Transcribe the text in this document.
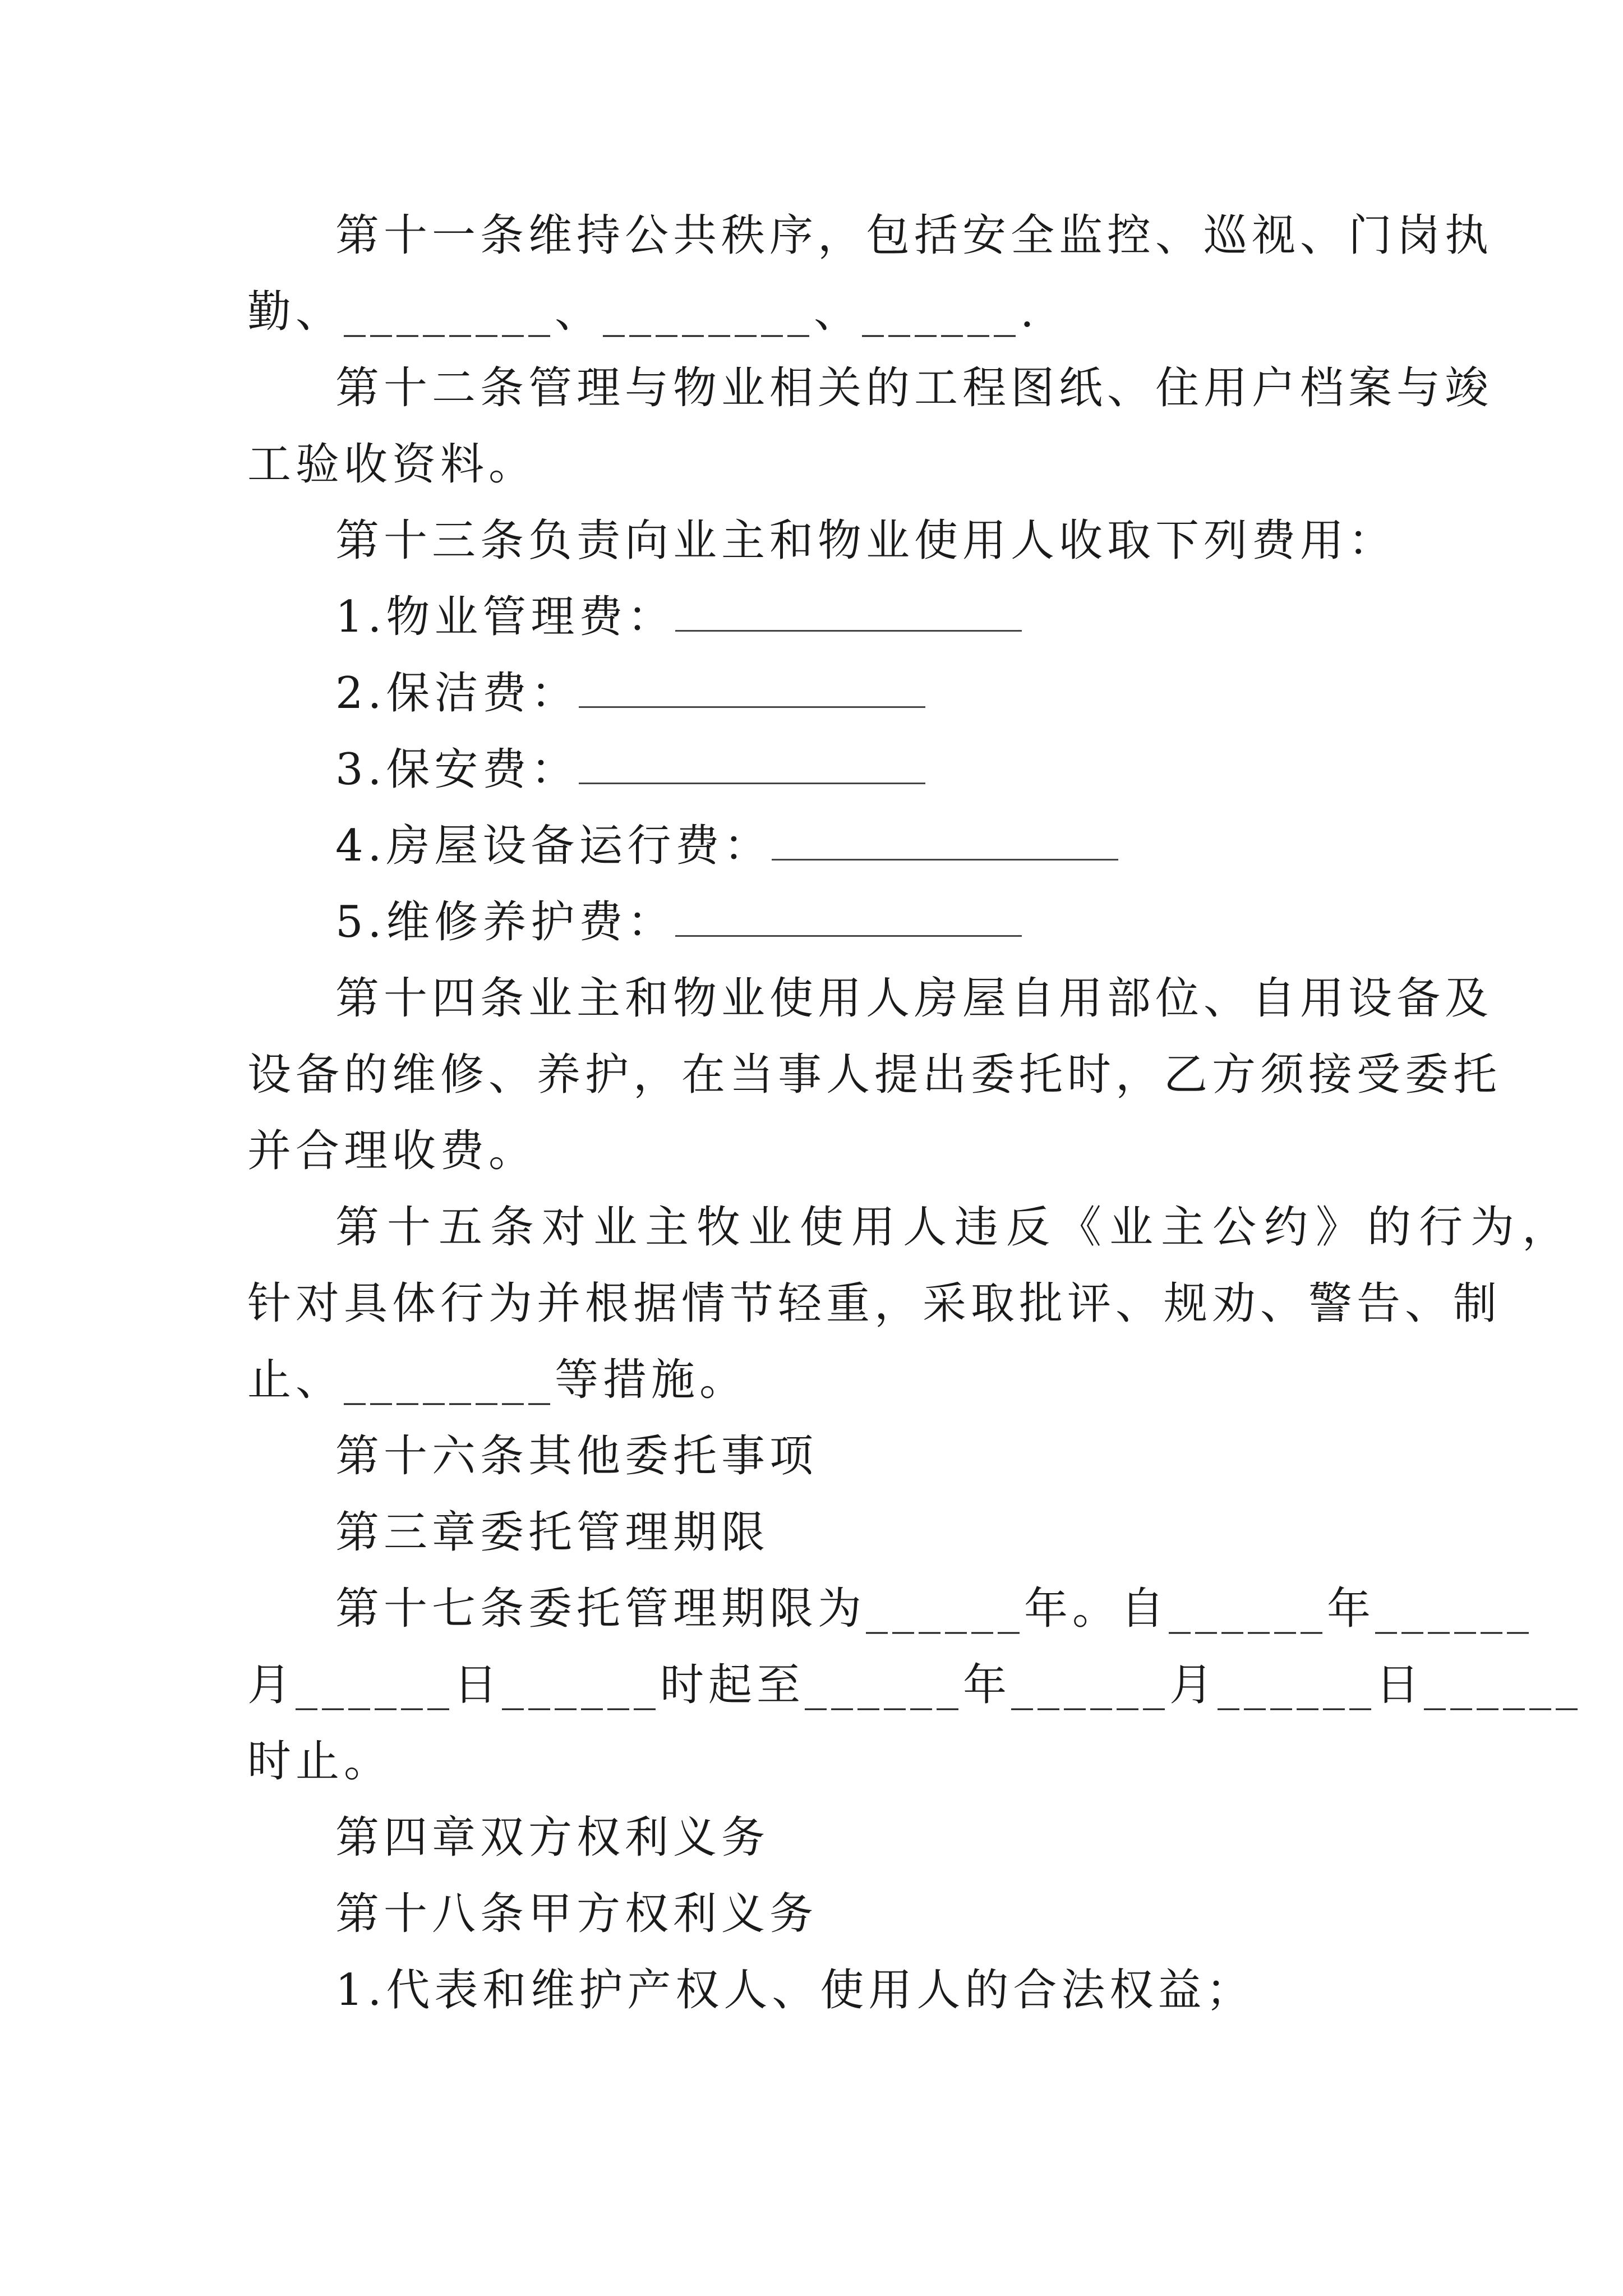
第十一条维持公共秩序，包括安全监控、巡视、门岗执
勤、________、________、______.
第十二条管理与物业相关的工程图纸、住用户档案与竣
工验收资料。
第十三条负责向业主和物业使用人收取下列费用：
1.物业管理费：
2.保洁费：
3.保安费：
4.房屋设备运行费：
5.维修养护费：
第十四条业主和物业使用人房屋自用部位、自用设备及
设备的维修、养护，在当事人提出委托时，乙方须接受委托
并合理收费。
第十五条对业主牧业使用人违反《业主公约》的行为，
针对具体行为并根据情节轻重，采取批评、规劝、警告、制
止、________等措施。
第十六条其他委托事项
第三章委托管理期限
第十七条委托管理期限为______年。自______年______
月______日______时起至______年______月______日______
时止。
第四章双方权利义务
第十八条甲方权利义务
1.代表和维护产权人、使用人的合法权益；
